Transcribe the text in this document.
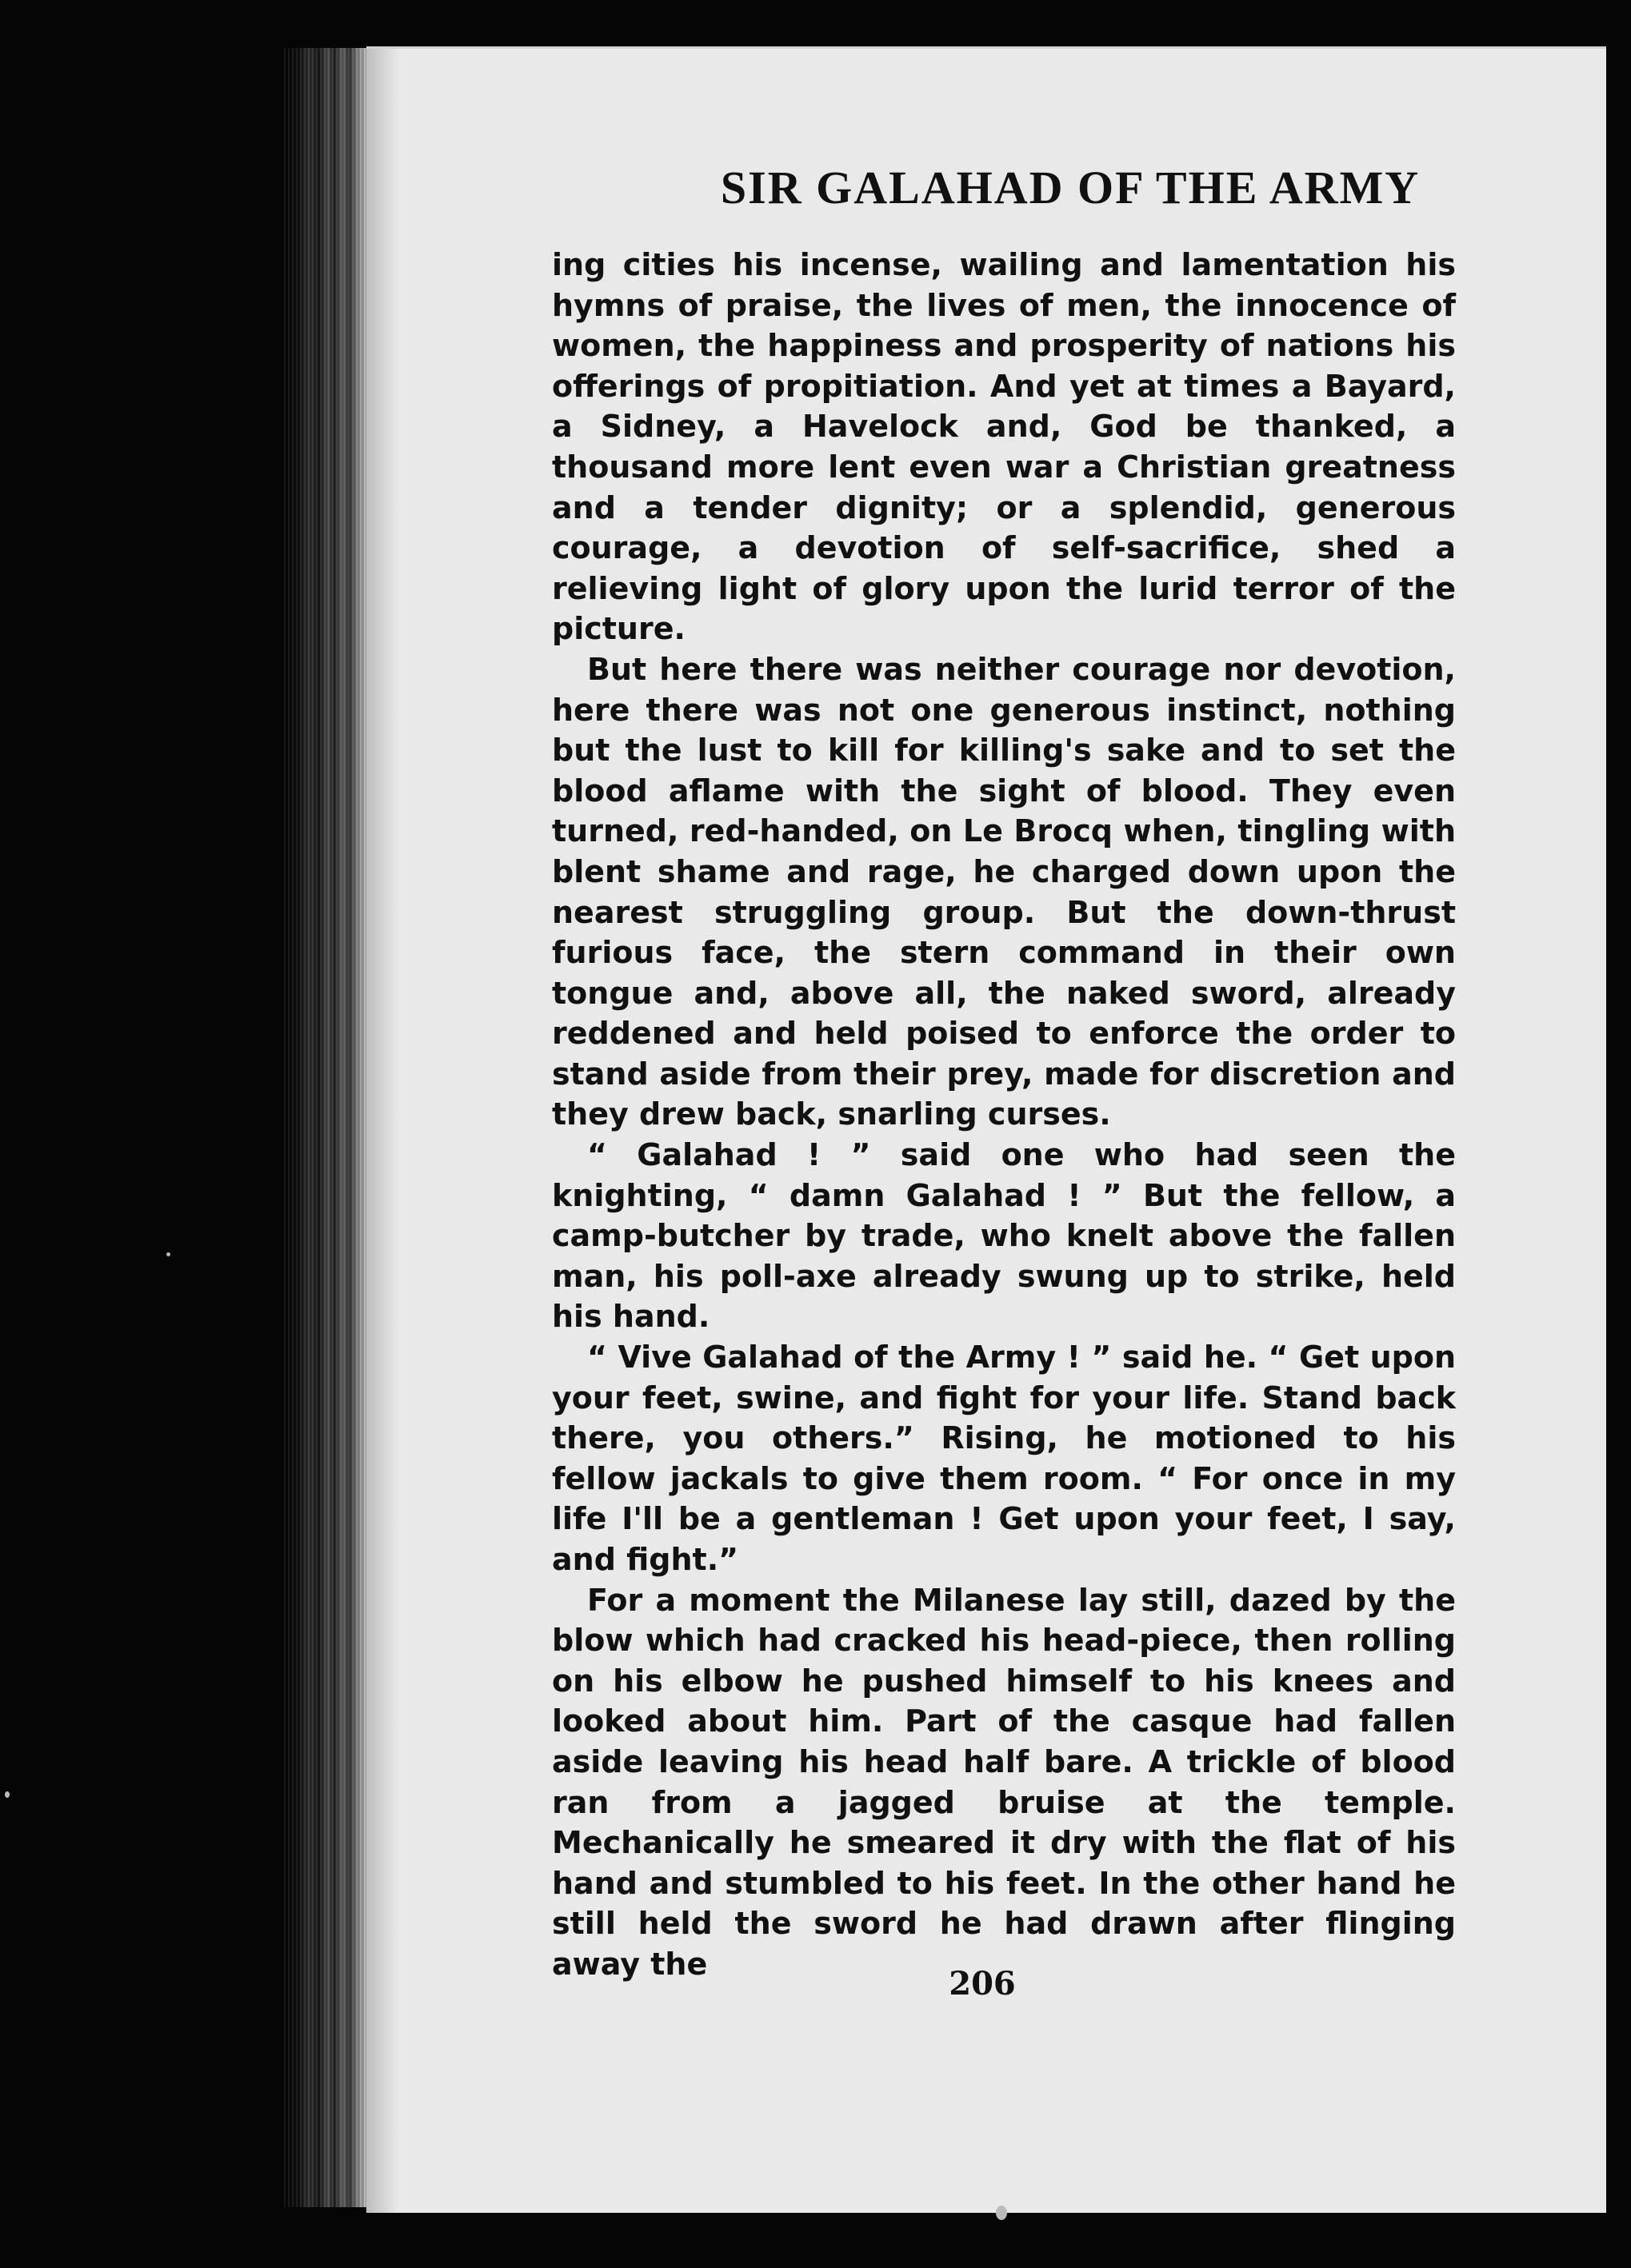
SIR GALAHAD OF THE ARMY

ing cities his incense, wailing and lamentation his hymns of praise, the lives of men, the innocence of women, the happiness and prosperity of nations his offerings of propitiation. And yet at times a Bayard, a Sidney, a Havelock and, God be thanked, a thousand more lent even war a Christian greatness and a tender dignity; or a splendid, generous courage, a devotion of self-sacrifice, shed a relieving light of glory upon the lurid terror of the picture.

But here there was neither courage nor devotion, here there was not one generous instinct, nothing but the lust to kill for killing's sake and to set the blood aflame with the sight of blood. They even turned, red-handed, on Le Brocq when, tingling with blent shame and rage, he charged down upon the nearest struggling group. But the down-thrust furious face, the stern command in their own tongue and, above all, the naked sword, already reddened and held poised to enforce the order to stand aside from their prey, made for discretion and they drew back, snarling curses.

“ Galahad ! ” said one who had seen the knighting, “ damn Galahad ! ” But the fellow, a camp-butcher by trade, who knelt above the fallen man, his poll-axe already swung up to strike, held his hand.

“ Vive Galahad of the Army ! ” said he. “ Get upon your feet, swine, and fight for your life. Stand back there, you others.” Rising, he motioned to his fellow jackals to give them room. “ For once in my life I'll be a gentleman ! Get upon your feet, I say, and fight.”

For a moment the Milanese lay still, dazed by the blow which had cracked his head-piece, then rolling on his elbow he pushed himself to his knees and looked about him. Part of the casque had fallen aside leaving his head half bare. A trickle of blood ran from a jagged bruise at the temple. Mechanically he smeared it dry with the flat of his hand and stumbled to his feet. In the other hand he still held the sword he had drawn after flinging away the

206
